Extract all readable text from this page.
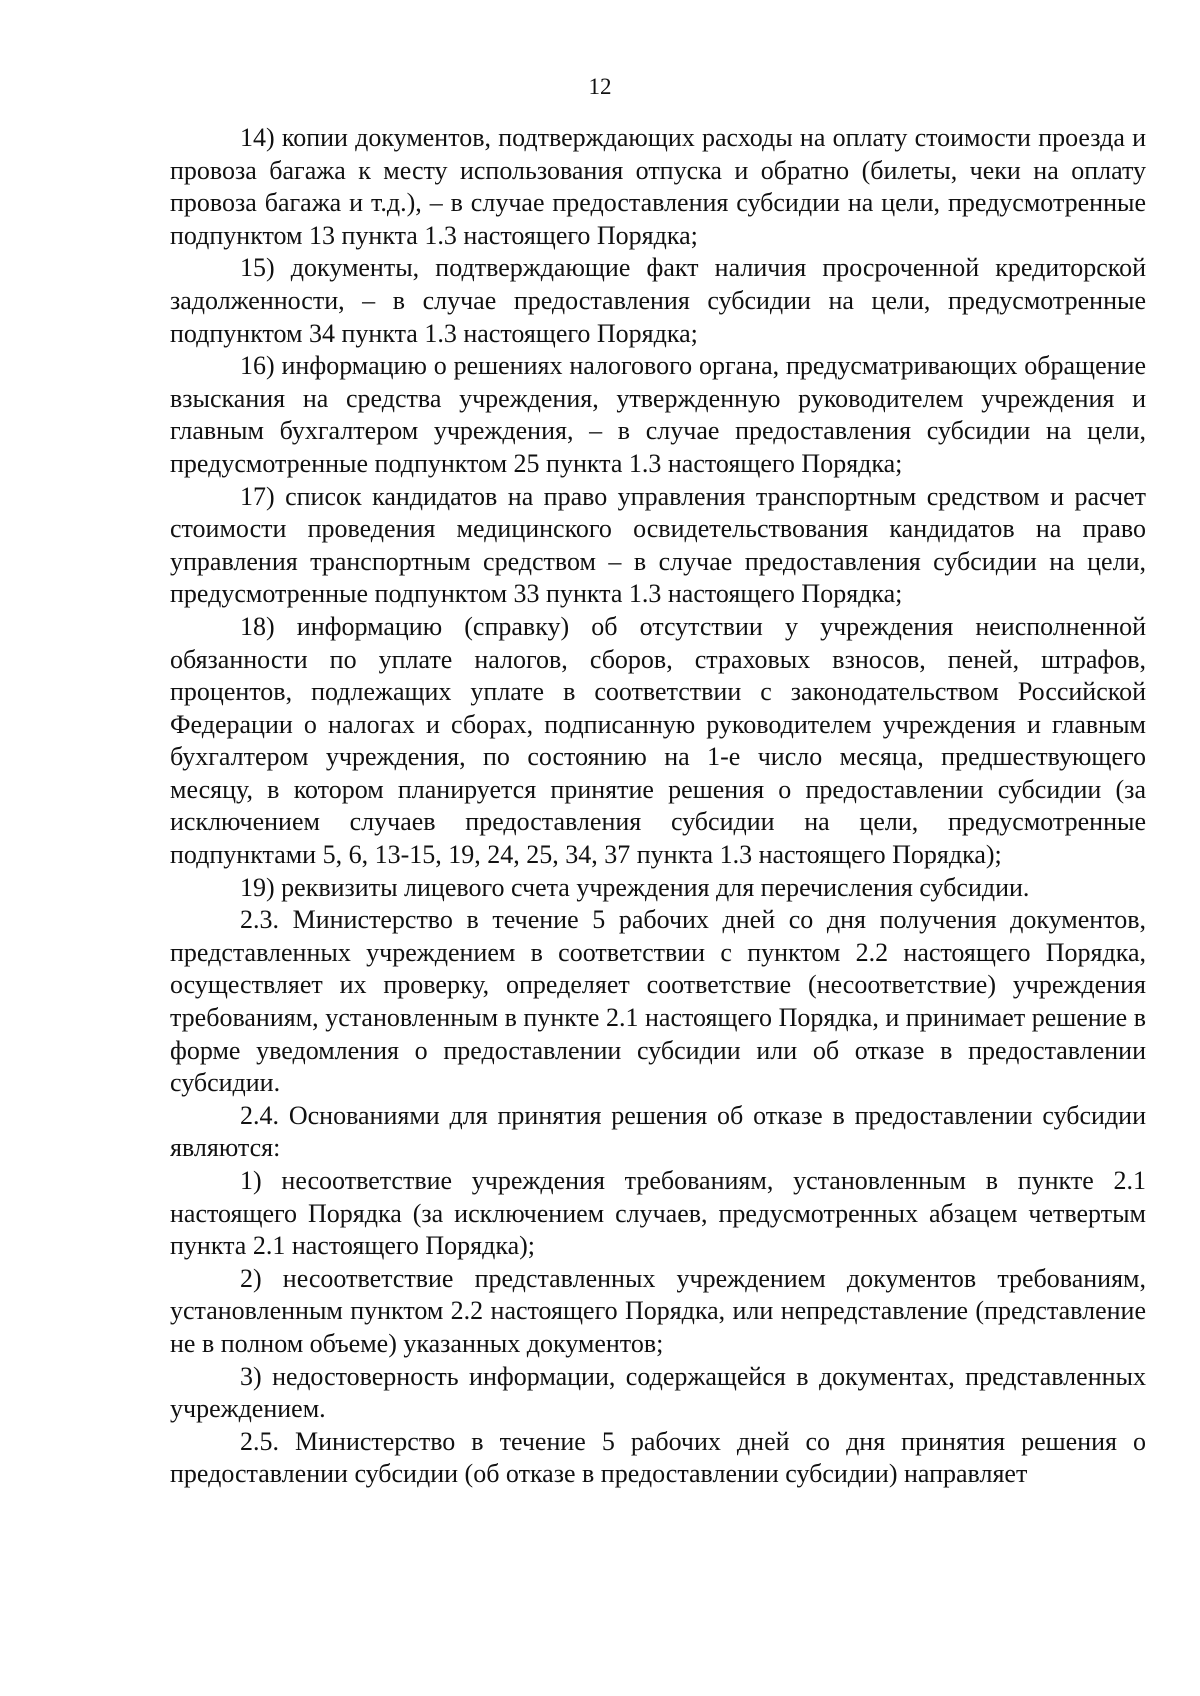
12

14) копии документов, подтверждающих расходы на оплату стоимости проезда и провоза багажа к месту использования отпуска и обратно (билеты, чеки на оплату провоза багажа и т.д.), – в случае предоставления субсидии на цели, предусмотренные подпунктом 13 пункта 1.3 настоящего Порядка;

15) документы, подтверждающие факт наличия просроченной кредиторской задолженности, – в случае предоставления субсидии на цели, предусмотренные подпунктом 34 пункта 1.3 настоящего Порядка;

16) информацию о решениях налогового органа, предусматривающих обращение взыскания на средства учреждения, утвержденную руководителем учреждения и главным бухгалтером учреждения, – в случае предоставления субсидии на цели, предусмотренные подпунктом 25 пункта 1.3 настоящего Порядка;

17) список кандидатов на право управления транспортным средством и расчет стоимости проведения медицинского освидетельствования кандидатов на право управления транспортным средством – в случае предоставления субсидии на цели, предусмотренные подпунктом 33 пункта 1.3 настоящего Порядка;

18) информацию (справку) об отсутствии у учреждения неисполненной обязанности по уплате налогов, сборов, страховых взносов, пеней, штрафов, процентов, подлежащих уплате в соответствии с законодательством Российской Федерации о налогах и сборах, подписанную руководителем учреждения и главным бухгалтером учреждения, по состоянию на 1-е число месяца, предшествующего месяцу, в котором планируется принятие решения о предоставлении субсидии (за исключением случаев предоставления субсидии на цели, предусмотренные подпунктами 5, 6, 13-15, 19, 24, 25, 34, 37 пункта 1.3 настоящего Порядка);

19) реквизиты лицевого счета учреждения для перечисления субсидии.

2.3. Министерство в течение 5 рабочих дней со дня получения документов, представленных учреждением в соответствии с пунктом 2.2 настоящего Порядка, осуществляет их проверку, определяет соответствие (несоответствие) учреждения требованиям, установленным в пункте 2.1 настоящего Порядка, и принимает решение в форме уведомления о предоставлении субсидии или об отказе в предоставлении субсидии.

2.4. Основаниями для принятия решения об отказе в предоставлении субсидии являются:

1) несоответствие учреждения требованиям, установленным в пункте 2.1 настоящего Порядка (за исключением случаев, предусмотренных абзацем четвертым пункта 2.1 настоящего Порядка);

2) несоответствие представленных учреждением документов требованиям, установленным пунктом 2.2 настоящего Порядка, или непредставление (представление не в полном объеме) указанных документов;

3) недостоверность информации, содержащейся в документах, представленных учреждением.

2.5. Министерство в течение 5 рабочих дней со дня принятия решения о предоставлении субсидии (об отказе в предоставлении субсидии) направляет
